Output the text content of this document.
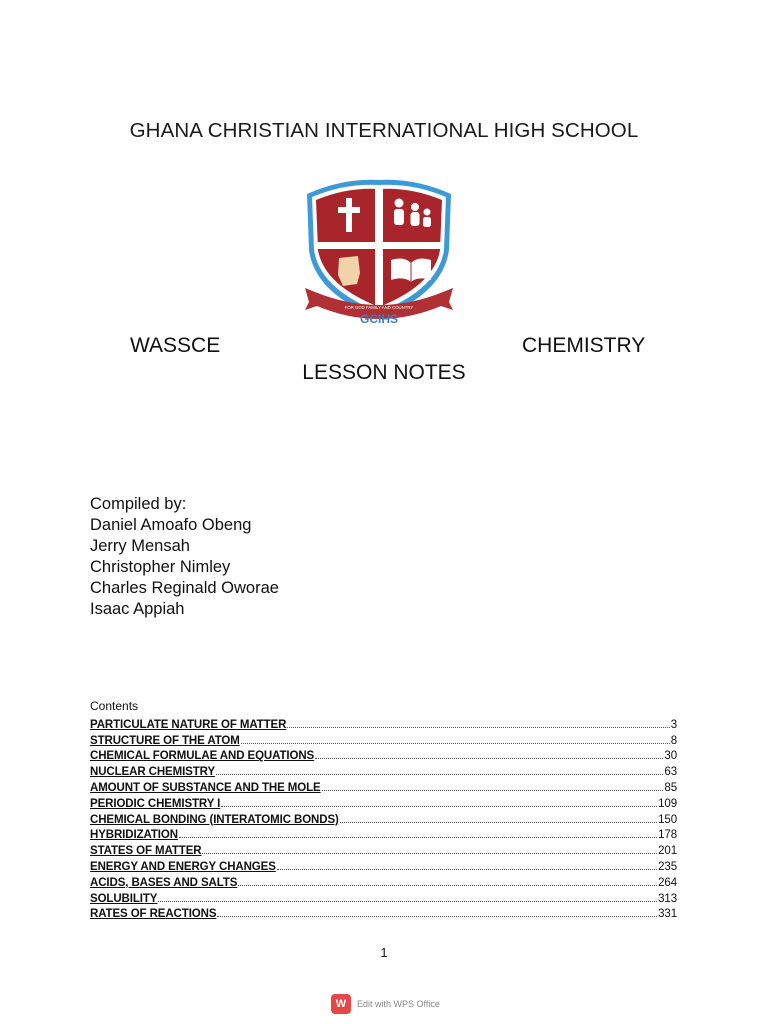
GHANA CHRISTIAN INTERNATIONAL HIGH SCHOOL
FOR GOD FAMILY AND COUNTRY
GCIHS
WASSCE	CHEMISTRY
LESSON NOTES
Compiled by:
Daniel Amoafo Obeng
Jerry Mensah
Christopher Nimley
Charles Reginald Oworae
Isaac Appiah
Contents
PARTICULATE NATURE OF MATTER	3
STRUCTURE OF THE ATOM	8
CHEMICAL FORMULAE AND EQUATIONS	30
NUCLEAR CHEMISTRY	63
AMOUNT OF SUBSTANCE AND THE MOLE	85
PERIODIC CHEMISTRY I	109
CHEMICAL BONDING (INTERATOMIC BONDS)	150
HYBRIDIZATION	178
STATES OF MATTER	201
ENERGY AND ENERGY CHANGES	235
ACIDS, BASES AND SALTS	264
SOLUBILITY	313
RATES OF REACTIONS	331
1
W	Edit with WPS Office
